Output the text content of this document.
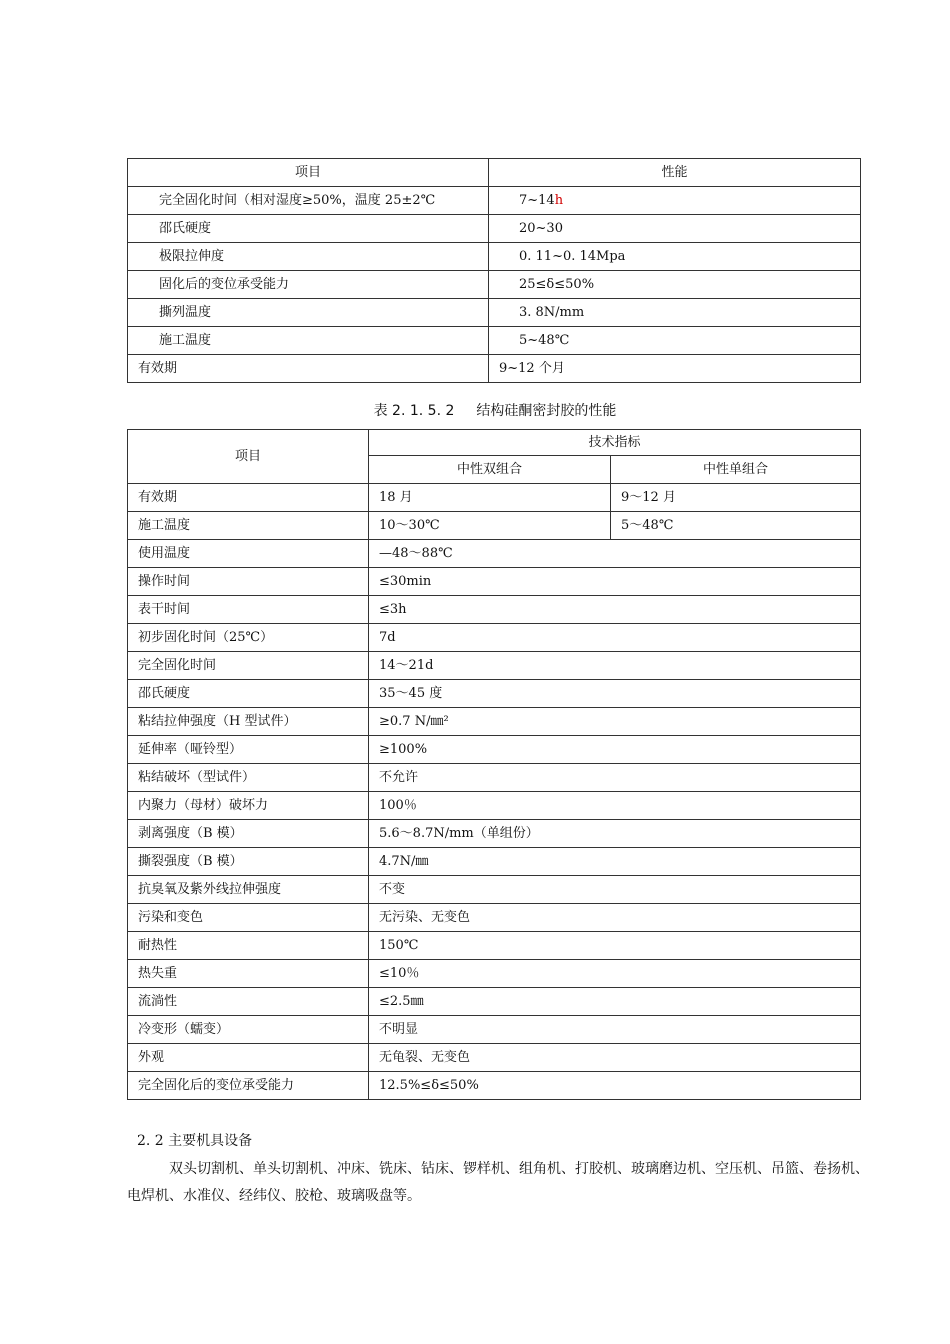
项目	性能
完全固化时间（相对湿度≥50%，温度 25±2℃	7~14h
邵氏硬度	20~30
极限拉伸度	0. 11~0. 14Mpa
固化后的变位承受能力	25≤δ≤50%
撕列温度	3. 8N/mm
施工温度	5~48℃
有效期	9~12 个月
表 2. 1. 5. 2 结构硅酮密封胶的性能
项目	技术指标	
	中性双组合	中性单组合
有效期	18 月	9～12 月
施工温度	10～30℃	5～48℃
使用温度	—48～88℃	
操作时间	≤30min	
表干时间	≤3h	
初步固化时间（25℃）	7d	
完全固化时间	14～21d	
邵氏硬度	35～45 度	
粘结拉伸强度（H 型试件）	≥0.7 N/㎜²	
延伸率（哑铃型）	≥100%	
粘结破坏（型试件）	不允许	
内聚力（母材）破坏力	100％	
剥离强度（B 模）	5.6～8.7N/mm（单组份）	
撕裂强度（B 模）	4.7N/㎜	
抗臭氧及紫外线拉伸强度	不变	
污染和变色	无污染、无变色	
耐热性	150℃	
热失重	≤10％	
流淌性	≤2.5㎜	
冷变形（蠕变）	不明显	
外观	无龟裂、无变色	
完全固化后的变位承受能力	12.5%≤δ≤50%	
2. 2 主要机具设备
双头切割机、单头切割机、冲床、铣床、钻床、锣样机、组角机、打胶机、玻璃磨边机、空压机、吊篮、卷扬机、电焊机、水准仪、经纬仪、胶枪、玻璃吸盘等。
